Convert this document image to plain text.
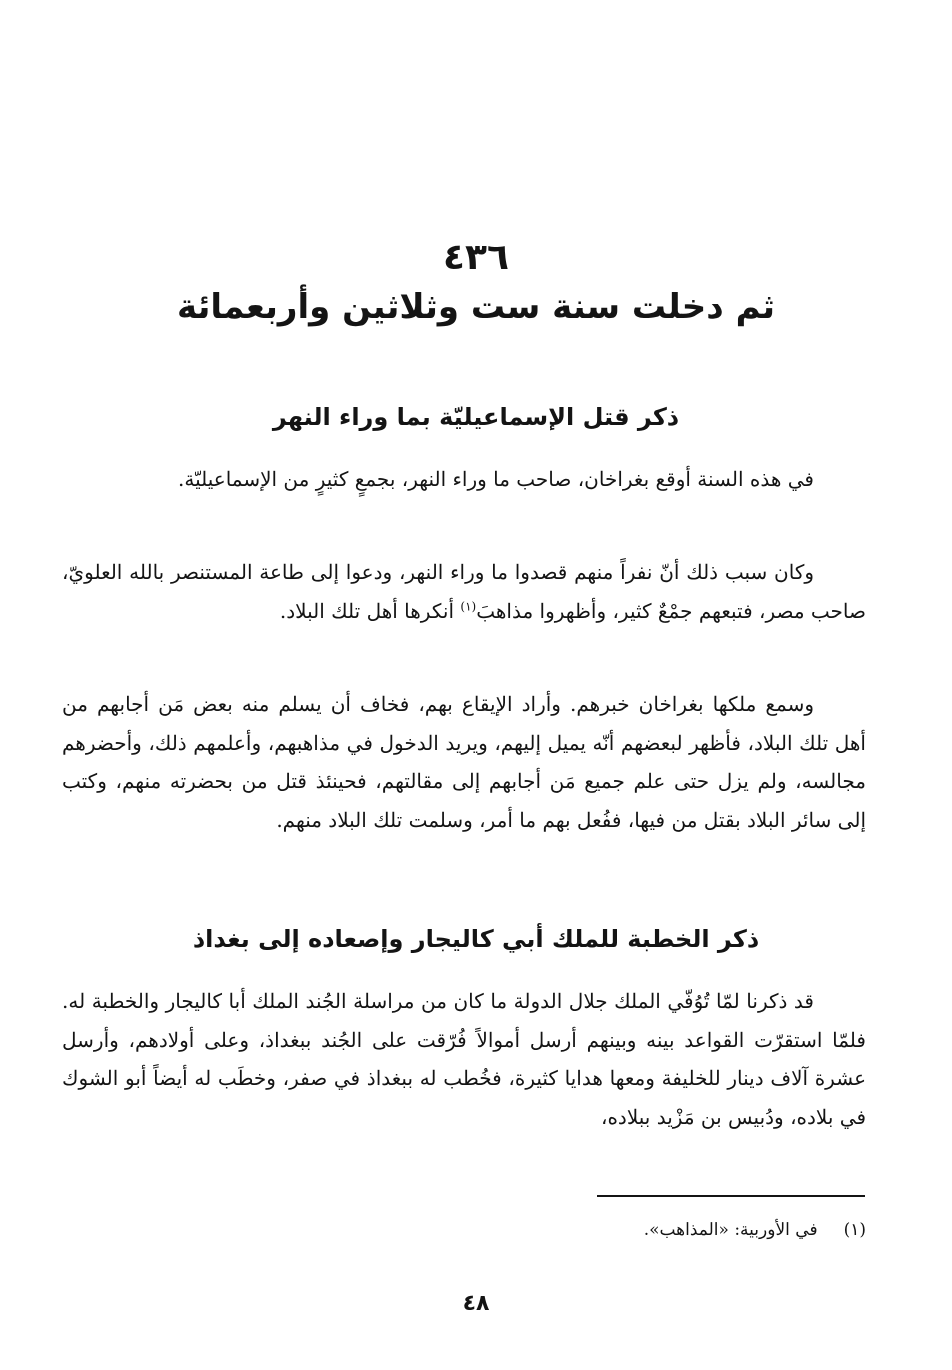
٤٣٦
ثم دخلت سنة ست وثلاثين وأربعمائة
ذكر قتل الإسماعيليّة بما وراء النهر

في هذه السنة أوقع بغراخان، صاحب ما وراء النهر، بجمعٍ كثيرٍ من الإسماعيليّة.

وكان سبب ذلك أنّ نفراً منهم قصدوا ما وراء النهر، ودعوا إلى طاعة المستنصر بالله العلويّ، صاحب مصر، فتبعهم جمْعٌ كثير، وأظهروا مذاهبَ$^{(١)}$ أنكرها أهل تلك البلاد.

وسمع ملكها بغراخان خبرهم. وأراد الإيقاع بهم، فخاف أن يسلم منه بعض مَن أجابهم من أهل تلك البلاد، فأظهر لبعضهم أنّه يميل إليهم، ويريد الدخول في مذاهبهم، وأعلمهم ذلك، وأحضرهم مجالسه، ولم يزل حتى علم جميع مَن أجابهم إلى مقالتهم، فحينئذ قتل من بحضرته منهم، وكتب إلى سائر البلاد بقتل من فيها، ففُعل بهم ما أمر، وسلمت تلك البلاد منهم.

ذكر الخطبة للملك أبي كاليجار وإصعاده إلى بغداذ

قد ذكرنا لمّا تُوُفّي الملك جلال الدولة ما كان من مراسلة الجُند الملك أبا كاليجار والخطبة له. فلمّا استقرّت القواعد بينه وبينهم أرسل أموالاً فُرّقت على الجُند ببغداذ، وعلى أولادهم، وأرسل عشرة آلاف دينار للخليفة ومعها هدايا كثيرة، فخُطب له ببغداذ في صفر، وخطَب له أيضاً أبو الشوك في بلاده، ودُبيس بن مَزْيد ببلاده،

(١)في الأوربية: «المذاهب».
٤٨
